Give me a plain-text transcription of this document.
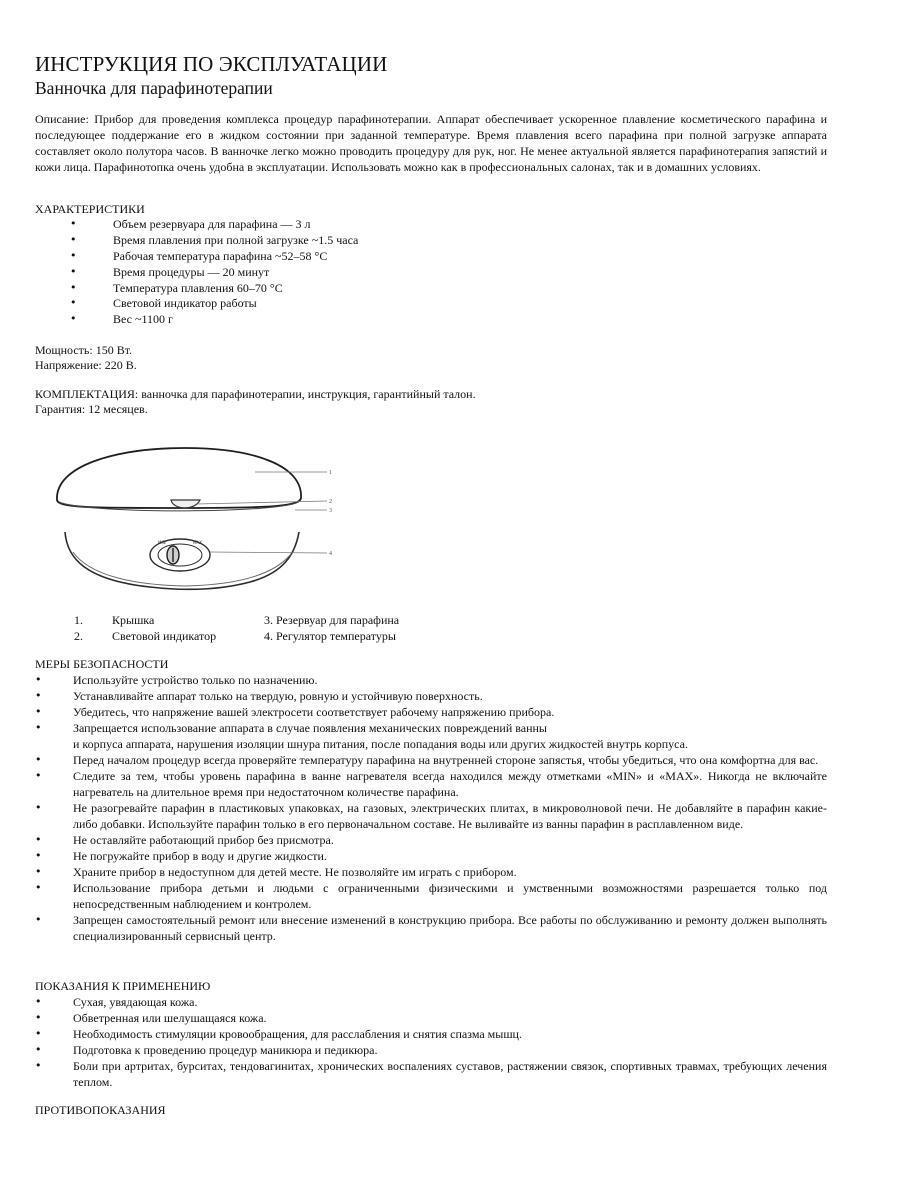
ИНСТРУКЦИЯ ПО ЭКСПЛУАТАЦИИ
Ванночка для парафинотерапии
Описание: Прибор для проведения комплекса процедур парафинотерапии. Аппарат обеспечивает ускоренное плавление косметического парафина и последующее поддержание его в жидком состоянии при заданной температуре. Время плавления всего парафина при полной загрузке аппарата составляет около полутора часов. В ванночке легко можно проводить процедуру для рук, ног. Не менее актуальной является парафинотерапия запястий и кожи лица. Парафинотопка очень удобна в эксплуатации. Использовать можно как в профессиональных салонах, так и в домашних условиях.
ХАРАКТЕРИСТИКИ
• Объем резервуара для парафина — 3 л
• Время плавления при полной загрузке ~1.5 часа
• Рабочая температура парафина ~52–58 °C
• Время процедуры — 20 минут
• Температура плавления 60–70 °C
• Световой индикатор работы
• Вес ~1100 г
Мощность: 150 Вт.
Напряжение: 220 В.
КОМПЛЕКТАЦИЯ: ванночка для парафинотерапии, инструкция, гарантийный талон.
Гарантия: 12 месяцев.
MIN	MAX
1
2
3
4
1. Крышка	3. Резервуар для парафина
2. Световой индикатор	4. Регулятор температуры
МЕРЫ БЕЗОПАСНОСТИ
• Используйте устройство только по назначению.
• Устанавливайте аппарат только на твердую, ровную и устойчивую поверхность.
• Убедитесь, что напряжение вашей электросети соответствует рабочему напряжению прибора.
• Запрещается использование аппарата в случае появления механических повреждений ванны
и корпуса аппарата, нарушения изоляции шнура питания, после попадания воды или других жидкостей внутрь корпуса.
• Перед началом процедур всегда проверяйте температуру парафина на внутренней стороне запястья, чтобы убедиться, что она комфортна для вас.
• Следите за тем, чтобы уровень парафина в ванне нагревателя всегда находился между отметками «MIN» и «MAX». Никогда не включайте нагреватель на длительное время при недостаточном количестве парафина.
• Не разогревайте парафин в пластиковых упаковках, на газовых, электрических плитах, в микроволновой печи. Не добавляйте в парафин какие-либо добавки. Используйте парафин только в его первоначальном составе. Не выливайте из ванны парафин в расплавленном виде.
• Не оставляйте работающий прибор без присмотра.
• Не погружайте прибор в воду и другие жидкости.
• Храните прибор в недоступном для детей месте. Не позволяйте им играть с прибором.
• Использование прибора детьми и людьми с ограниченными физическими и умственными возможностями разрешается только под непосредственным наблюдением и контролем.
• Запрещен самостоятельный ремонт или внесение изменений в конструкцию прибора. Все работы по обслуживанию и ремонту должен выполнять специализированный сервисный центр.
ПОКАЗАНИЯ К ПРИМЕНЕНИЮ
• Сухая, увядающая кожа.
• Обветренная или шелушащаяся кожа.
• Необходимость стимуляции кровообращения, для расслабления и снятия спазма мышц.
• Подготовка к проведению процедур маникюра и педикюра.
• Боли при артритах, бурситах, тендовагинитах, хронических воспалениях суставов, растяжении связок, спортивных травмах, требующих лечения теплом.
ПРОТИВОПОКАЗАНИЯ
